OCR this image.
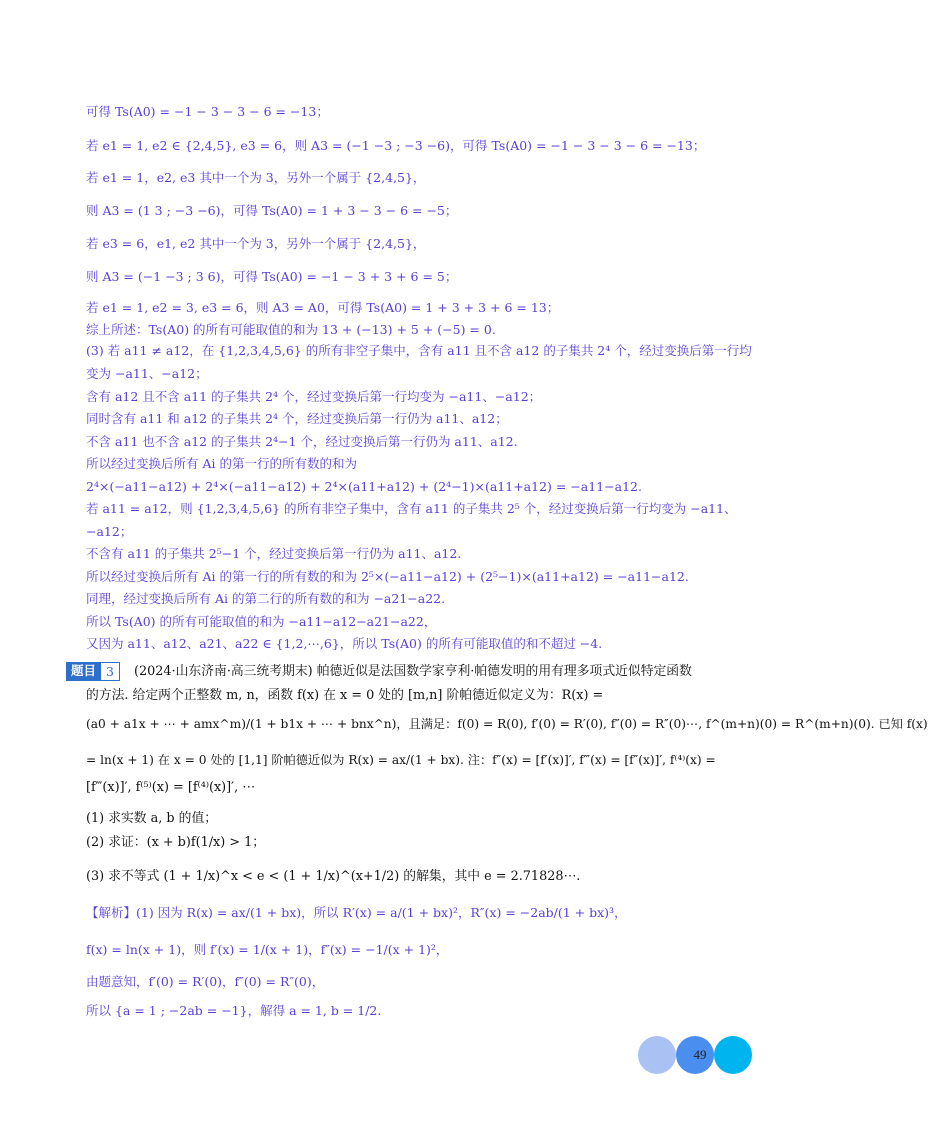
可得 Ts(A0) = −1 − 3 − 3 − 6 = −13；
若 e1 = 1, e2 ∈ {2,4,5}, e3 = 6，则 A3 = (−1 −3 ; −3 −6)，可得 Ts(A0) = −1 − 3 − 3 − 6 = −13；
若 e1 = 1，e2, e3 其中一个为 3，另外一个属于 {2,4,5}，
则 A3 = (1 3 ; −3 −6)，可得 Ts(A0) = 1 + 3 − 3 − 6 = −5；
若 e3 = 6，e1, e2 其中一个为 3，另外一个属于 {2,4,5}，
则 A3 = (−1 −3 ; 3 6)，可得 Ts(A0) = −1 − 3 + 3 + 6 = 5；
若 e1 = 1, e2 = 3, e3 = 6，则 A3 = A0，可得 Ts(A0) = 1 + 3 + 3 + 6 = 13；
综上所述：Ts(A0) 的所有可能取值的和为 13 + (−13) + 5 + (−5) = 0.
(3) 若 a11 ≠ a12，在 {1,2,3,4,5,6} 的所有非空子集中，含有 a11 且不含 a12 的子集共 2⁴ 个，经过变换后第一行均
变为 −a11、−a12；
含有 a12 且不含 a11 的子集共 2⁴ 个，经过变换后第一行均变为 −a11、−a12；
同时含有 a11 和 a12 的子集共 2⁴ 个，经过变换后第一行仍为 a11、a12；
不含 a11 也不含 a12 的子集共 2⁴−1 个，经过变换后第一行仍为 a11、a12.
所以经过变换后所有 Ai 的第一行的所有数的和为
2⁴×(−a11−a12) + 2⁴×(−a11−a12) + 2⁴×(a11+a12) + (2⁴−1)×(a11+a12) = −a11−a12.
若 a11 = a12，则 {1,2,3,4,5,6} 的所有非空子集中，含有 a11 的子集共 2⁵ 个，经过变换后第一行均变为 −a11、
−a12；
不含有 a11 的子集共 2⁵−1 个，经过变换后第一行仍为 a11、a12.
所以经过变换后所有 Ai 的第一行的所有数的和为 2⁵×(−a11−a12) + (2⁵−1)×(a11+a12) = −a11−a12.
同理，经过变换后所有 Ai 的第二行的所有数的和为 −a21−a22.
所以 Ts(A0) 的所有可能取值的和为 −a11−a12−a21−a22，
又因为 a11、a12、a21、a22 ∈ {1,2,⋯,6}，所以 Ts(A0) 的所有可能取值的和不超过 −4.
题目 3	(2024·山东济南·高三统考期末) 帕德近似是法国数学家亨利·帕德发明的用有理多项式近似特定函数
的方法. 给定两个正整数 m, n，函数 f(x) 在 x = 0 处的 [m,n] 阶帕德近似定义为：R(x) =
(a0 + a1x + ⋯ + amx^m)/(1 + b1x + ⋯ + bnx^n)，且满足：f(0) = R(0), f′(0) = R′(0), f″(0) = R″(0)⋯, f^(m+n)(0) = R^(m+n)(0). 已知 f(x)
= ln(x + 1) 在 x = 0 处的 [1,1] 阶帕德近似为 R(x) = ax/(1 + bx). 注：f″(x) = [f′(x)]′, f‴(x) = [f″(x)]′, f⁽⁴⁾(x) =
[f‴(x)]′, f⁽⁵⁾(x) = [f⁽⁴⁾(x)]′, ⋯
(1) 求实数 a, b 的值；
(2) 求证：(x + b)f(1/x) > 1；
(3) 求不等式 (1 + 1/x)^x < e < (1 + 1/x)^(x+1/2) 的解集，其中 e = 2.71828⋯.
【解析】(1) 因为 R(x) = ax/(1 + bx)，所以 R′(x) = a/(1 + bx)²，R″(x) = −2ab/(1 + bx)³，
f(x) = ln(x + 1)，则 f′(x) = 1/(x + 1)，f″(x) = −1/(x + 1)²，
由题意知，f′(0) = R′(0)，f″(0) = R″(0)，
所以 {a = 1 ; −2ab = −1}，解得 a = 1, b = 1/2.
49
